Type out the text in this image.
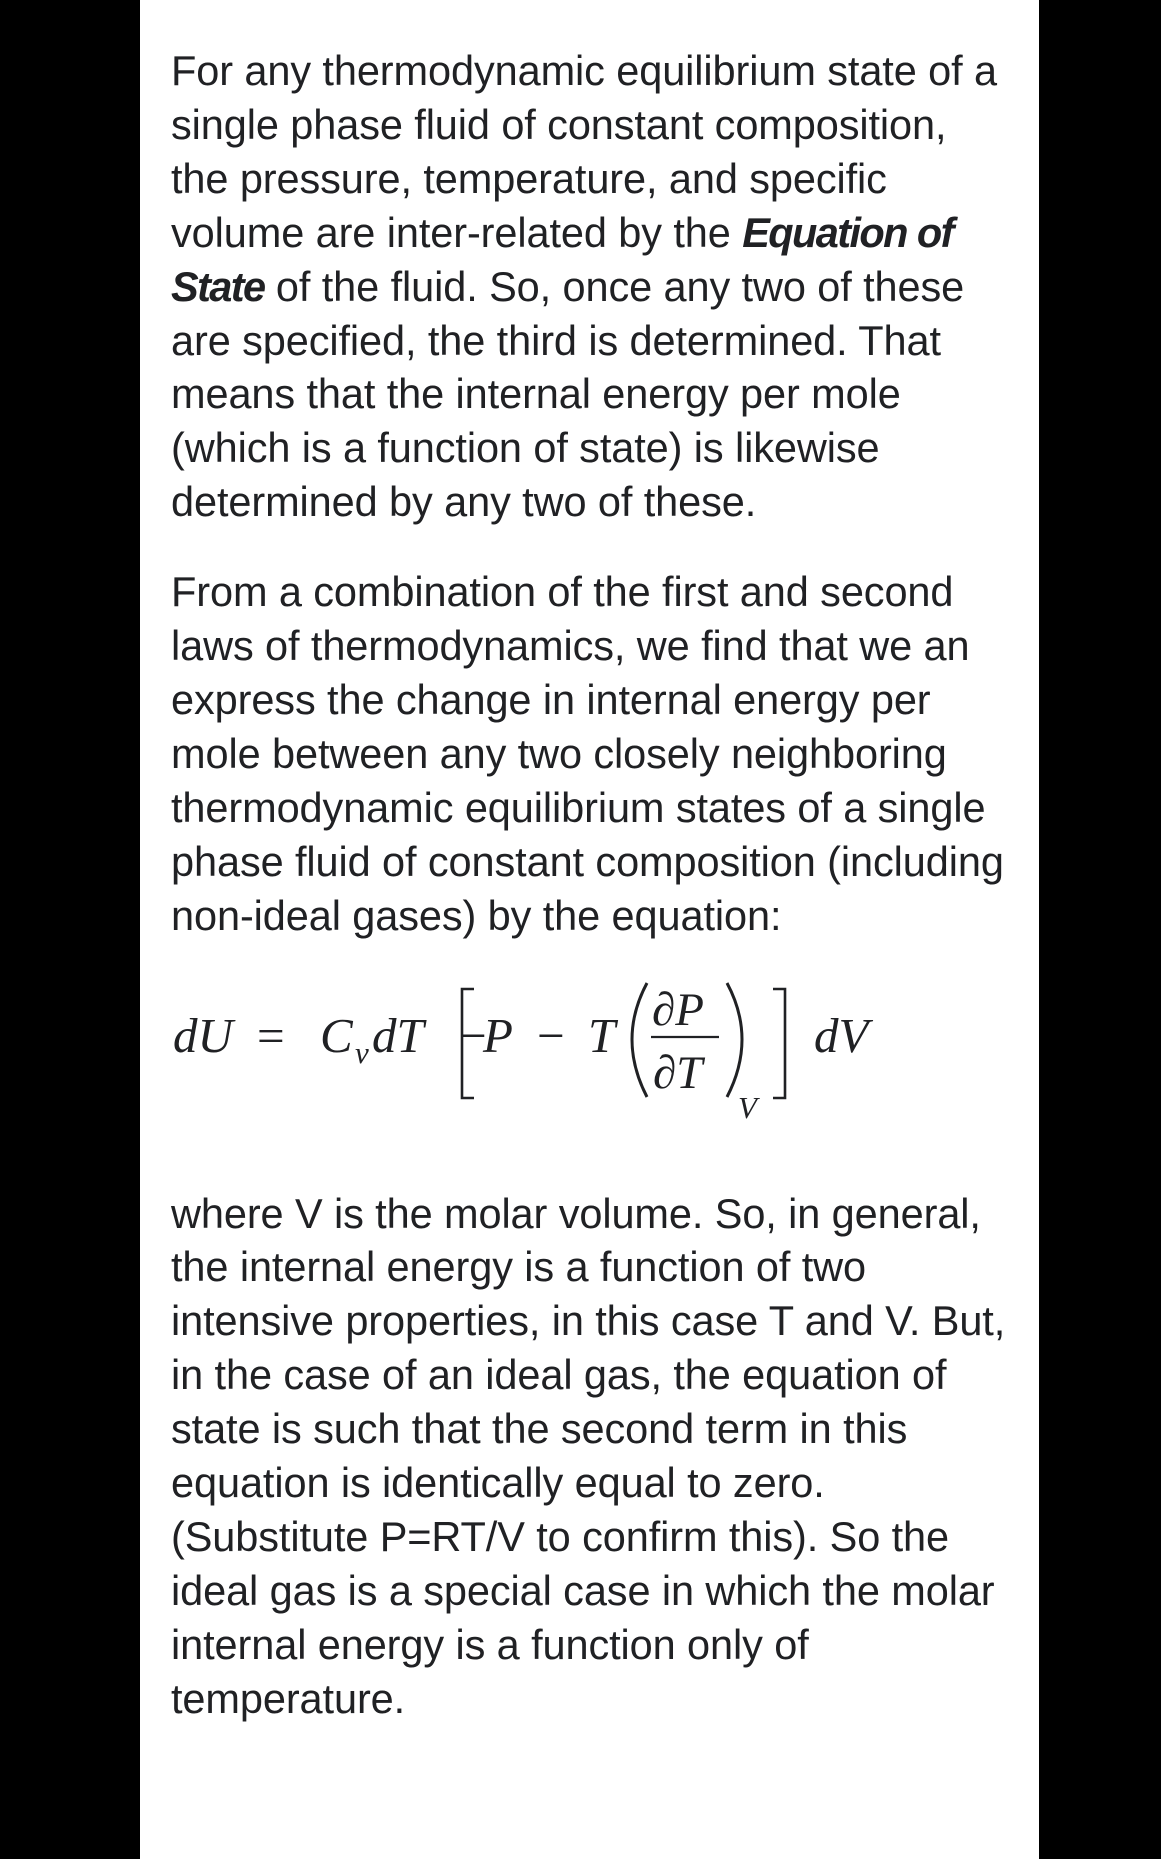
For any thermodynamic equilibrium state of a single phase fluid of constant composition, the pressure, temperature, and specific volume are inter-related by the Equation of State of the fluid. So, once any two of these are specified, the third is determined. That means that the internal energy per mole (which is a function of state) is likewise determined by any two of these.

From a combination of the first and second laws of thermodynamics, we find that we an express the change in internal energy per mole between any two closely neighboring thermodynamic equilibrium states of a single phase fluid of constant composition (including non-ideal gases) by the equation:

dU = C v dT −
P − T ∂P
∂T
V
dV

where V is the molar volume. So, in general, the internal energy is a function of two intensive properties, in this case T and V. But, in the case of an ideal gas, the equation of state is such that the second term in this equation is identically equal to zero. (Substitute P=RT/V to confirm this). So the ideal gas is a special case in which the molar internal energy is a function only of temperature.
